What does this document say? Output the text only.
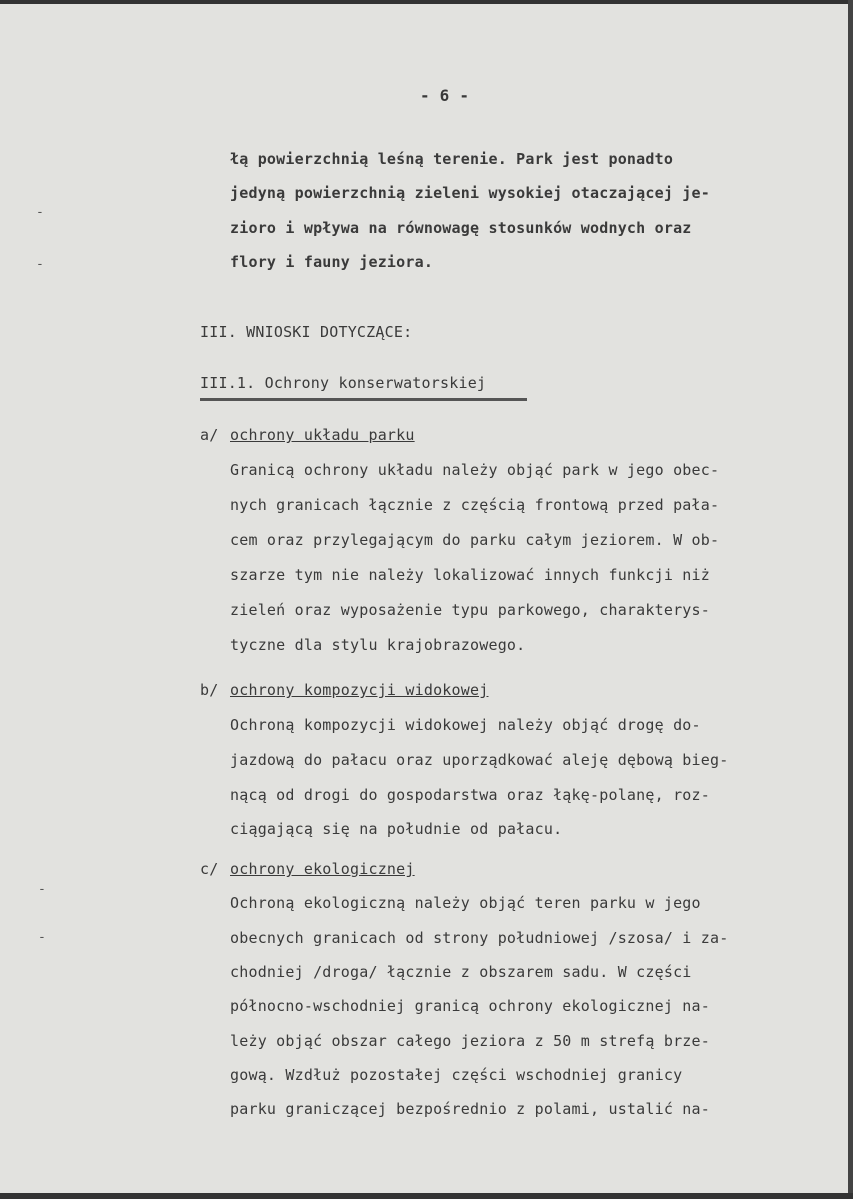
- 6 -
łą powierzchnią leśną terenie. Park jest ponadto
jedyną powierzchnią zieleni wysokiej otaczającej je-
zioro i wpływa na równowagę stosunków wodnych oraz
flory i fauny jeziora.
III. WNIOSKI DOTYCZĄCE:
III.1. Ochrony konserwatorskiej
a/ ochrony układu parku
Granicą ochrony układu należy objąć park w jego obec-
nych granicach łącznie z częścią frontową przed pała-
cem oraz przylegającym do parku całym jeziorem. W ob-
szarze tym nie należy lokalizować innych funkcji niż
zieleń oraz wyposażenie typu parkowego, charakterys-
tyczne dla stylu krajobrazowego.
b/ ochrony kompozycji widokowej
Ochroną kompozycji widokowej należy objąć drogę do-
jazdową do pałacu oraz uporządkować aleję dębową bieg-
nącą od drogi do gospodarstwa oraz łąkę-polanę, roz-
ciągającą się na południe od pałacu.
c/ ochrony ekologicznej
Ochroną ekologiczną należy objąć teren parku w jego
obecnych granicach od strony południowej /szosa/ i za-
chodniej /droga/ łącznie z obszarem sadu. W części
północno-wschodniej granicą ochrony ekologicznej na-
leży objąć obszar całego jeziora z 50 m strefą brze-
gową. Wzdłuż pozostałej części wschodniej granicy
parku graniczącej bezpośrednio z polami, ustalić na-
-
-
-
-
